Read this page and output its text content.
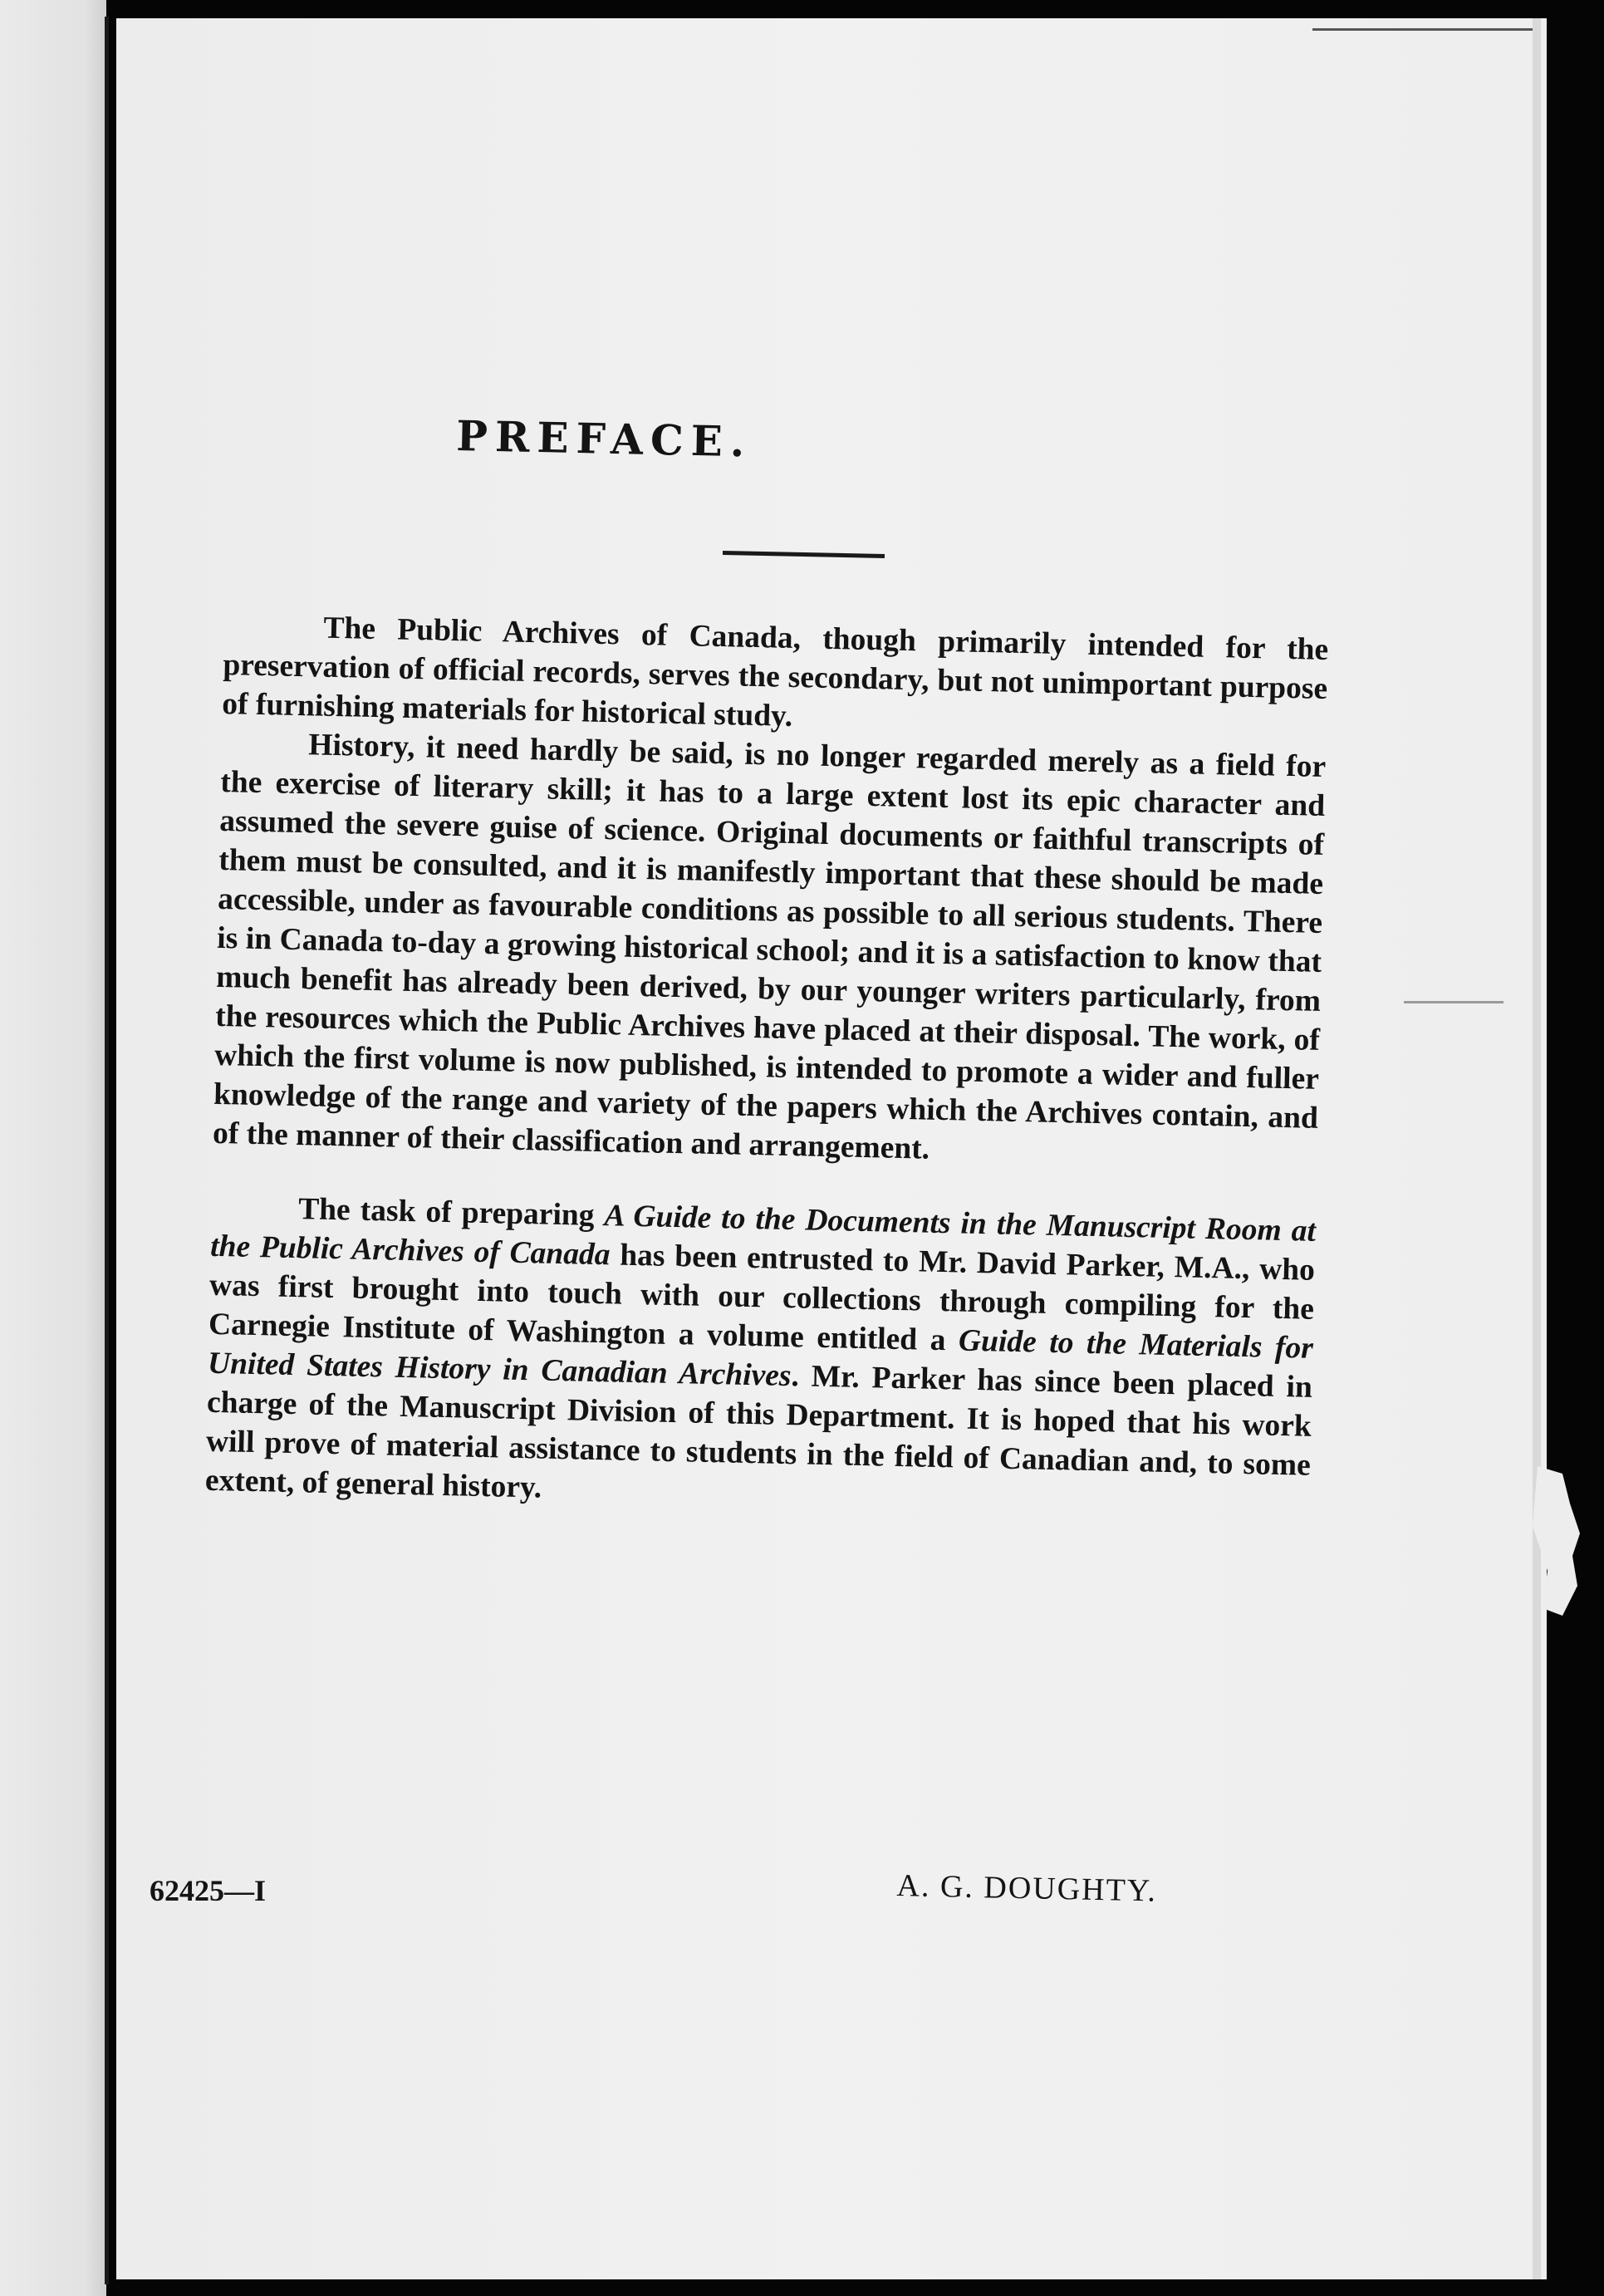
PREFACE.

The Public Archives of Canada, though primarily intended for the preservation of official records, serves the secondary, but not unimportant purpose of furnishing materials for historical study.

History, it need hardly be said, is no longer regarded merely as a field for the exercise of literary skill; it has to a large extent lost its epic character and assumed the severe guise of science. Original documents or faithful transcripts of them must be consulted, and it is manifestly important that these should be made accessible, under as favourable conditions as possible to all serious students. There is in Canada to-day a growing historical school; and it is a satisfaction to know that much benefit has already been derived, by our younger writers particularly, from the resources which the Public Archives have placed at their disposal. The work, of which the first volume is now published, is intended to promote a wider and fuller knowledge of the range and variety of the papers which the Archives contain, and of the manner of their classification and arrangement.

The task of preparing A Guide to the Documents in the Manuscript Room at the Public Archives of Canada has been entrusted to Mr. David Parker, M.A., who was first brought into touch with our collections through compiling for the Carnegie Institute of Washington a volume entitled a Guide to the Materials for United States History in Canadian Archives. Mr. Parker has since been placed in charge of the Manuscript Division of this Department. It is hoped that his work will prove of material assistance to students in the field of Canadian and, to some extent, of general history.

62425—I	A. G. DOUGHTY.
